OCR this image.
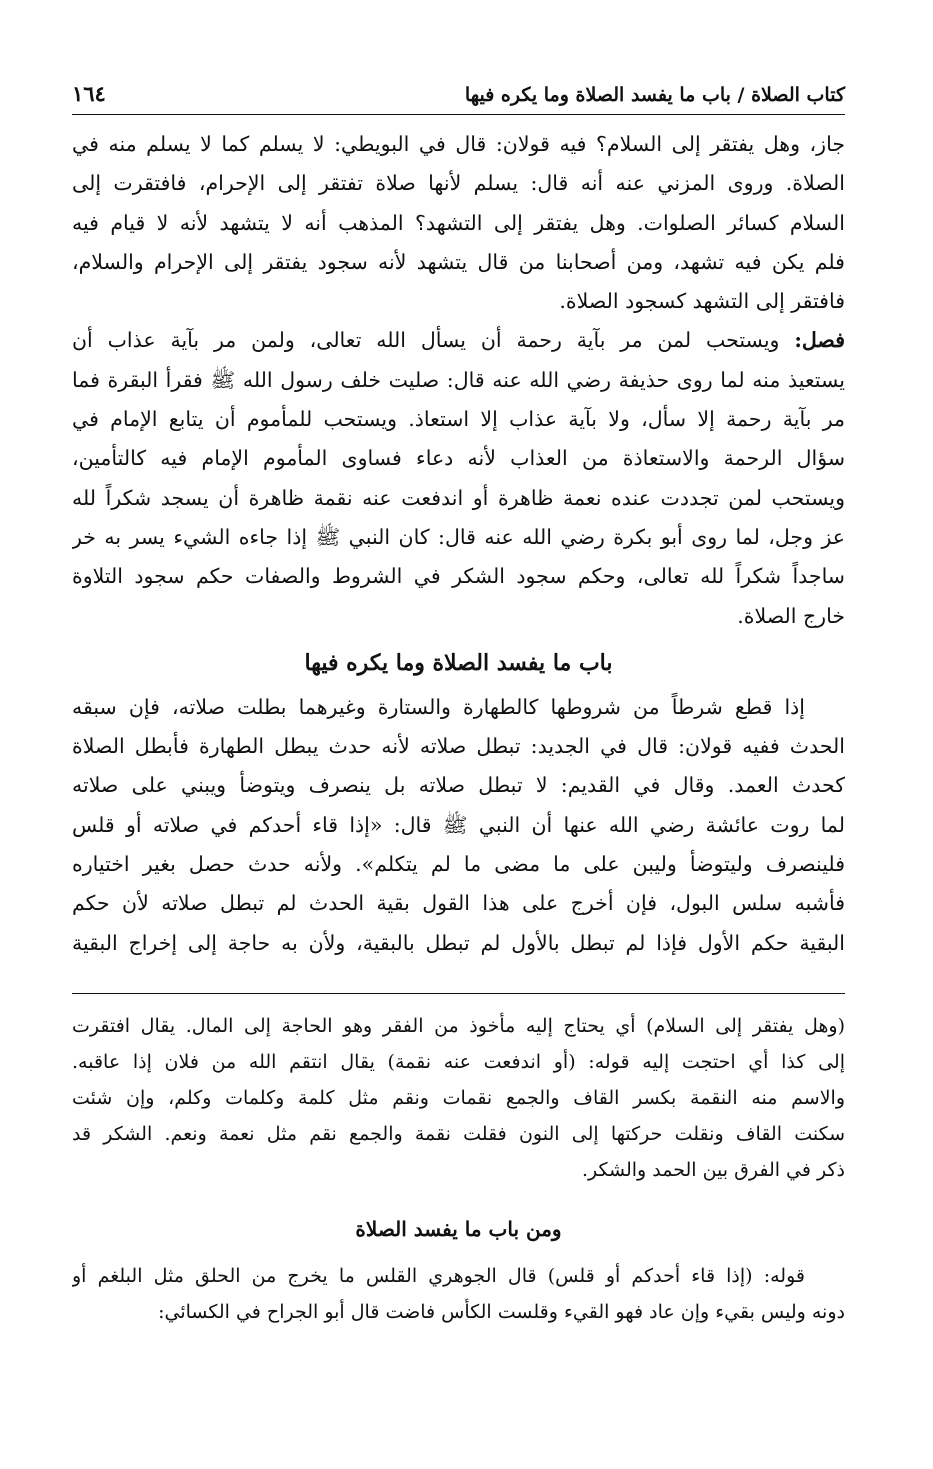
كتاب الصلاة / باب ما يفسد الصلاة وما يكره فيها
١٦٤
جاز، وهل يفتقر إلى السلام؟ فيه قولان: قال في البويطي: لا يسلم كما لا يسلم منه في
الصلاة. وروى المزني عنه أنه قال: يسلم لأنها صلاة تفتقر إلى الإحرام، فافتقرت إلى
السلام كسائر الصلوات. وهل يفتقر إلى التشهد؟ المذهب أنه لا يتشهد لأنه لا قيام فيه
فلم يكن فيه تشهد، ومن أصحابنا من قال يتشهد لأنه سجود يفتقر إلى الإحرام والسلام،
فافتقر إلى التشهد كسجود الصلاة.
فصل: ويستحب لمن مر بآية رحمة أن يسأل الله تعالى، ولمن مر بآية عذاب أن
يستعيذ منه لما روى حذيفة رضي الله عنه قال: صليت خلف رسول الله ﷺ فقرأ البقرة فما
مر بآية رحمة إلا سأل، ولا بآية عذاب إلا استعاذ. ويستحب للمأموم أن يتابع الإمام في
سؤال الرحمة والاستعاذة من العذاب لأنه دعاء فساوى المأموم الإمام فيه كالتأمين،
ويستحب لمن تجددت عنده نعمة ظاهرة أو اندفعت عنه نقمة ظاهرة أن يسجد شكراً لله
عز وجل، لما روى أبو بكرة رضي الله عنه قال: كان النبي ﷺ إذا جاءه الشيء يسر به خر
ساجداً شكراً لله تعالى، وحكم سجود الشكر في الشروط والصفات حكم سجود التلاوة
خارج الصلاة.
باب ما يفسد الصلاة وما يكره فيها
إذا قطع شرطاً من شروطها كالطهارة والستارة وغيرهما بطلت صلاته، فإن سبقه
الحدث ففيه قولان: قال في الجديد: تبطل صلاته لأنه حدث يبطل الطهارة فأبطل الصلاة
كحدث العمد. وقال في القديم: لا تبطل صلاته بل ينصرف ويتوضأ ويبني على صلاته
لما روت عائشة رضي الله عنها أن النبي ﷺ قال: «إذا قاء أحدكم في صلاته أو قلس
فلينصرف وليتوضأ وليبن على ما مضى ما لم يتكلم». ولأنه حدث حصل بغير اختياره
فأشبه سلس البول، فإن أخرج على هذا القول بقية الحدث لم تبطل صلاته لأن حكم
البقية حكم الأول فإذا لم تبطل بالأول لم تبطل بالبقية، ولأن به حاجة إلى إخراج البقية
(وهل يفتقر إلى السلام) أي يحتاج إليه مأخوذ من الفقر وهو الحاجة إلى المال. يقال افتقرت
إلى كذا أي احتجت إليه قوله: (أو اندفعت عنه نقمة) يقال انتقم الله من فلان إذا عاقبه.
والاسم منه النقمة بكسر القاف والجمع نقمات ونقم مثل كلمة وكلمات وكلم، وإن شئت
سكنت القاف ونقلت حركتها إلى النون فقلت نقمة والجمع نقم مثل نعمة ونعم. الشكر قد
ذكر في الفرق بين الحمد والشكر.
ومن باب ما يفسد الصلاة
قوله: (إذا قاء أحدكم أو قلس) قال الجوهري القلس ما يخرج من الحلق مثل البلغم أو
دونه وليس بقيء وإن عاد فهو القيء وقلست الكأس فاضت قال أبو الجراح في الكسائي:
